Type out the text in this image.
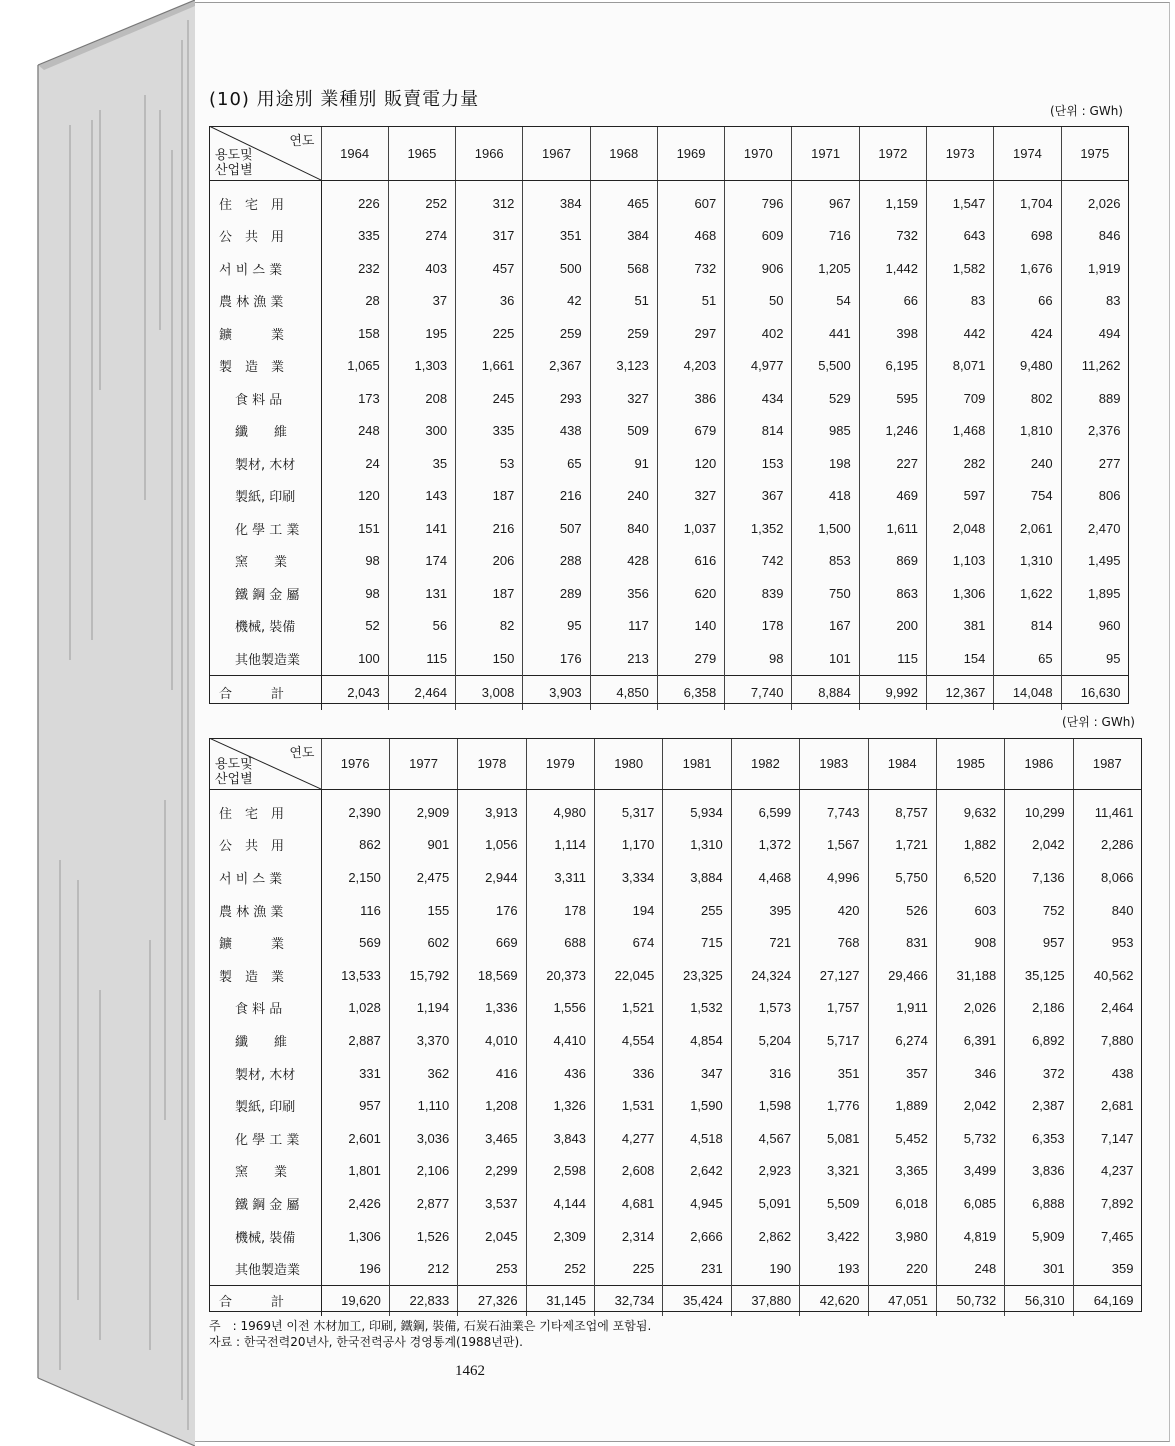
(10) 用途別 業種別 販賣電力量
(단위 : GWh)
(단위 : GWh)
연도
용도및
산업별	1964	1965	1966	1967	1968	1969	1970	1971	1972	1973	1974	1975
住　宅　用	226	252	312	384	465	607	796	967	1,159	1,547	1,704	2,026
公　共　用	335	274	317	351	384	468	609	716	732	643	698	846
서 비 스 業	232	403	457	500	568	732	906	1,205	1,442	1,582	1,676	1,919
農 林 漁 業	28	37	36	42	51	51	50	54	66	83	66	83
鑛　　　業	158	195	225	259	259	297	402	441	398	442	424	494
製　造　業	1,065	1,303	1,661	2,367	3,123	4,203	4,977	5,500	6,195	8,071	9,480	11,262
食 料 品	173	208	245	293	327	386	434	529	595	709	802	889
纖　　維	248	300	335	438	509	679	814	985	1,246	1,468	1,810	2,376
製材, 木材	24	35	53	65	91	120	153	198	227	282	240	277
製紙, 印刷	120	143	187	216	240	327	367	418	469	597	754	806
化 學 工 業	151	141	216	507	840	1,037	1,352	1,500	1,611	2,048	2,061	2,470
窯　　業	98	174	206	288	428	616	742	853	869	1,103	1,310	1,495
鐵 鋼 金 屬	98	131	187	289	356	620	839	750	863	1,306	1,622	1,895
機械, 裝備	52	56	82	95	117	140	178	167	200	381	814	960
其他製造業	100	115	150	176	213	279	98	101	115	154	65	95
合　　　計	2,043	2,464	3,008	3,903	4,850	6,358	7,740	8,884	9,992	12,367	14,048	16,630
연도
용도및
산업별	1976	1977	1978	1979	1980	1981	1982	1983	1984	1985	1986	1987
住　宅　用	2,390	2,909	3,913	4,980	5,317	5,934	6,599	7,743	8,757	9,632	10,299	11,461
公　共　用	862	901	1,056	1,114	1,170	1,310	1,372	1,567	1,721	1,882	2,042	2,286
서 비 스 業	2,150	2,475	2,944	3,311	3,334	3,884	4,468	4,996	5,750	6,520	7,136	8,066
農 林 漁 業	116	155	176	178	194	255	395	420	526	603	752	840
鑛　　　業	569	602	669	688	674	715	721	768	831	908	957	953
製　造　業	13,533	15,792	18,569	20,373	22,045	23,325	24,324	27,127	29,466	31,188	35,125	40,562
食 料 品	1,028	1,194	1,336	1,556	1,521	1,532	1,573	1,757	1,911	2,026	2,186	2,464
纖　　維	2,887	3,370	4,010	4,410	4,554	4,854	5,204	5,717	6,274	6,391	6,892	7,880
製材, 木材	331	362	416	436	336	347	316	351	357	346	372	438
製紙, 印刷	957	1,110	1,208	1,326	1,531	1,590	1,598	1,776	1,889	2,042	2,387	2,681
化 學 工 業	2,601	3,036	3,465	3,843	4,277	4,518	4,567	5,081	5,452	5,732	6,353	7,147
窯　　業	1,801	2,106	2,299	2,598	2,608	2,642	2,923	3,321	3,365	3,499	3,836	4,237
鐵 鋼 金 屬	2,426	2,877	3,537	4,144	4,681	4,945	5,091	5,509	6,018	6,085	6,888	7,892
機械, 裝備	1,306	1,526	2,045	2,309	2,314	2,666	2,862	3,422	3,980	4,819	5,909	7,465
其他製造業	196	212	253	252	225	231	190	193	220	248	301	359
合　　　計	19,620	22,833	27,326	31,145	32,734	35,424	37,880	42,620	47,051	50,732	56,310	64,169
주　: 1969년 이전 木材加工, 印刷, 鐵鋼, 裝備, 石炭石油業은 기타제조업에 포함됨.
자료 : 한국전력20년사, 한국전력공사 경영통계(1988년판).
1462
